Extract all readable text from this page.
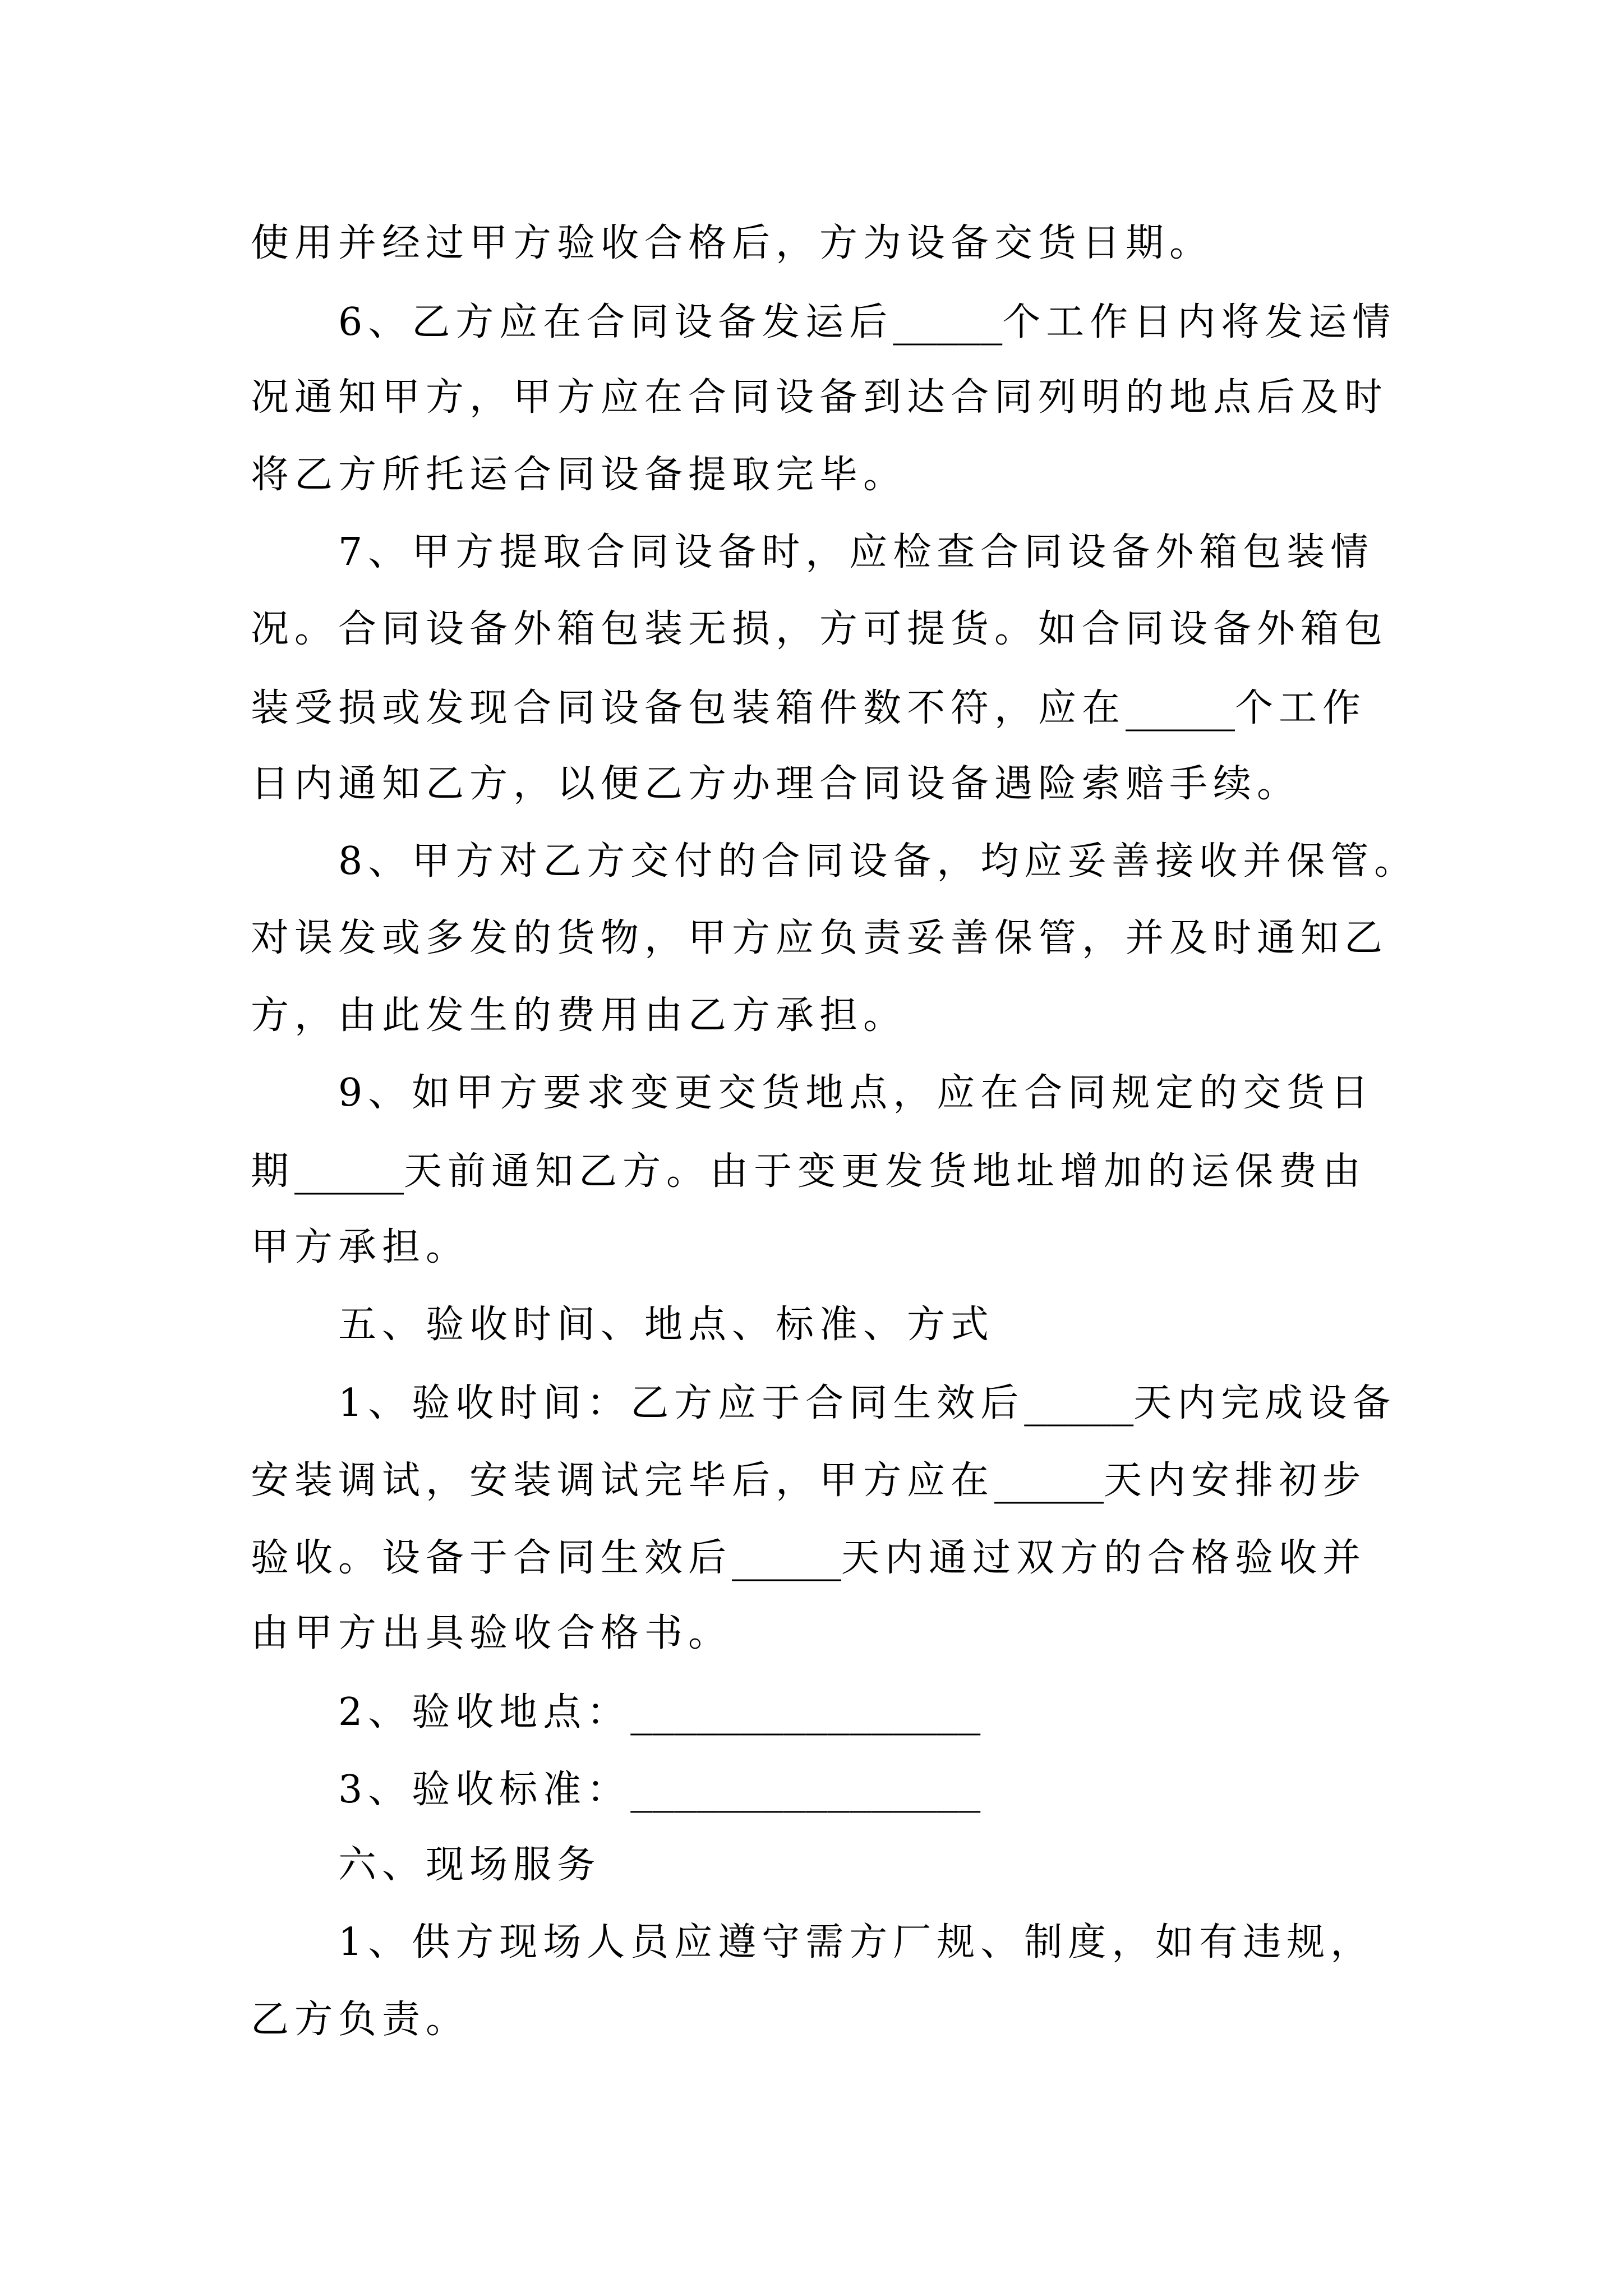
使用并经过甲方验收合格后，方为设备交货日期。
6、乙方应在合同设备发运后_____个工作日内将发运情
况通知甲方，甲方应在合同设备到达合同列明的地点后及时
将乙方所托运合同设备提取完毕。
7、甲方提取合同设备时，应检查合同设备外箱包装情
况。合同设备外箱包装无损，方可提货。如合同设备外箱包
装受损或发现合同设备包装箱件数不符，应在_____个工作
日内通知乙方，以便乙方办理合同设备遇险索赔手续。
8、甲方对乙方交付的合同设备，均应妥善接收并保管。
对误发或多发的货物，甲方应负责妥善保管，并及时通知乙
方，由此发生的费用由乙方承担。
9、如甲方要求变更交货地点，应在合同规定的交货日
期_____天前通知乙方。由于变更发货地址增加的运保费由
甲方承担。
五、验收时间、地点、标准、方式
1、验收时间：乙方应于合同生效后_____天内完成设备
安装调试，安装调试完毕后，甲方应在_____天内安排初步
验收。设备于合同生效后_____天内通过双方的合格验收并
由甲方出具验收合格书。
2、验收地点：________________
3、验收标准：________________
六、现场服务
1、供方现场人员应遵守需方厂规、制度，如有违规，
乙方负责。
